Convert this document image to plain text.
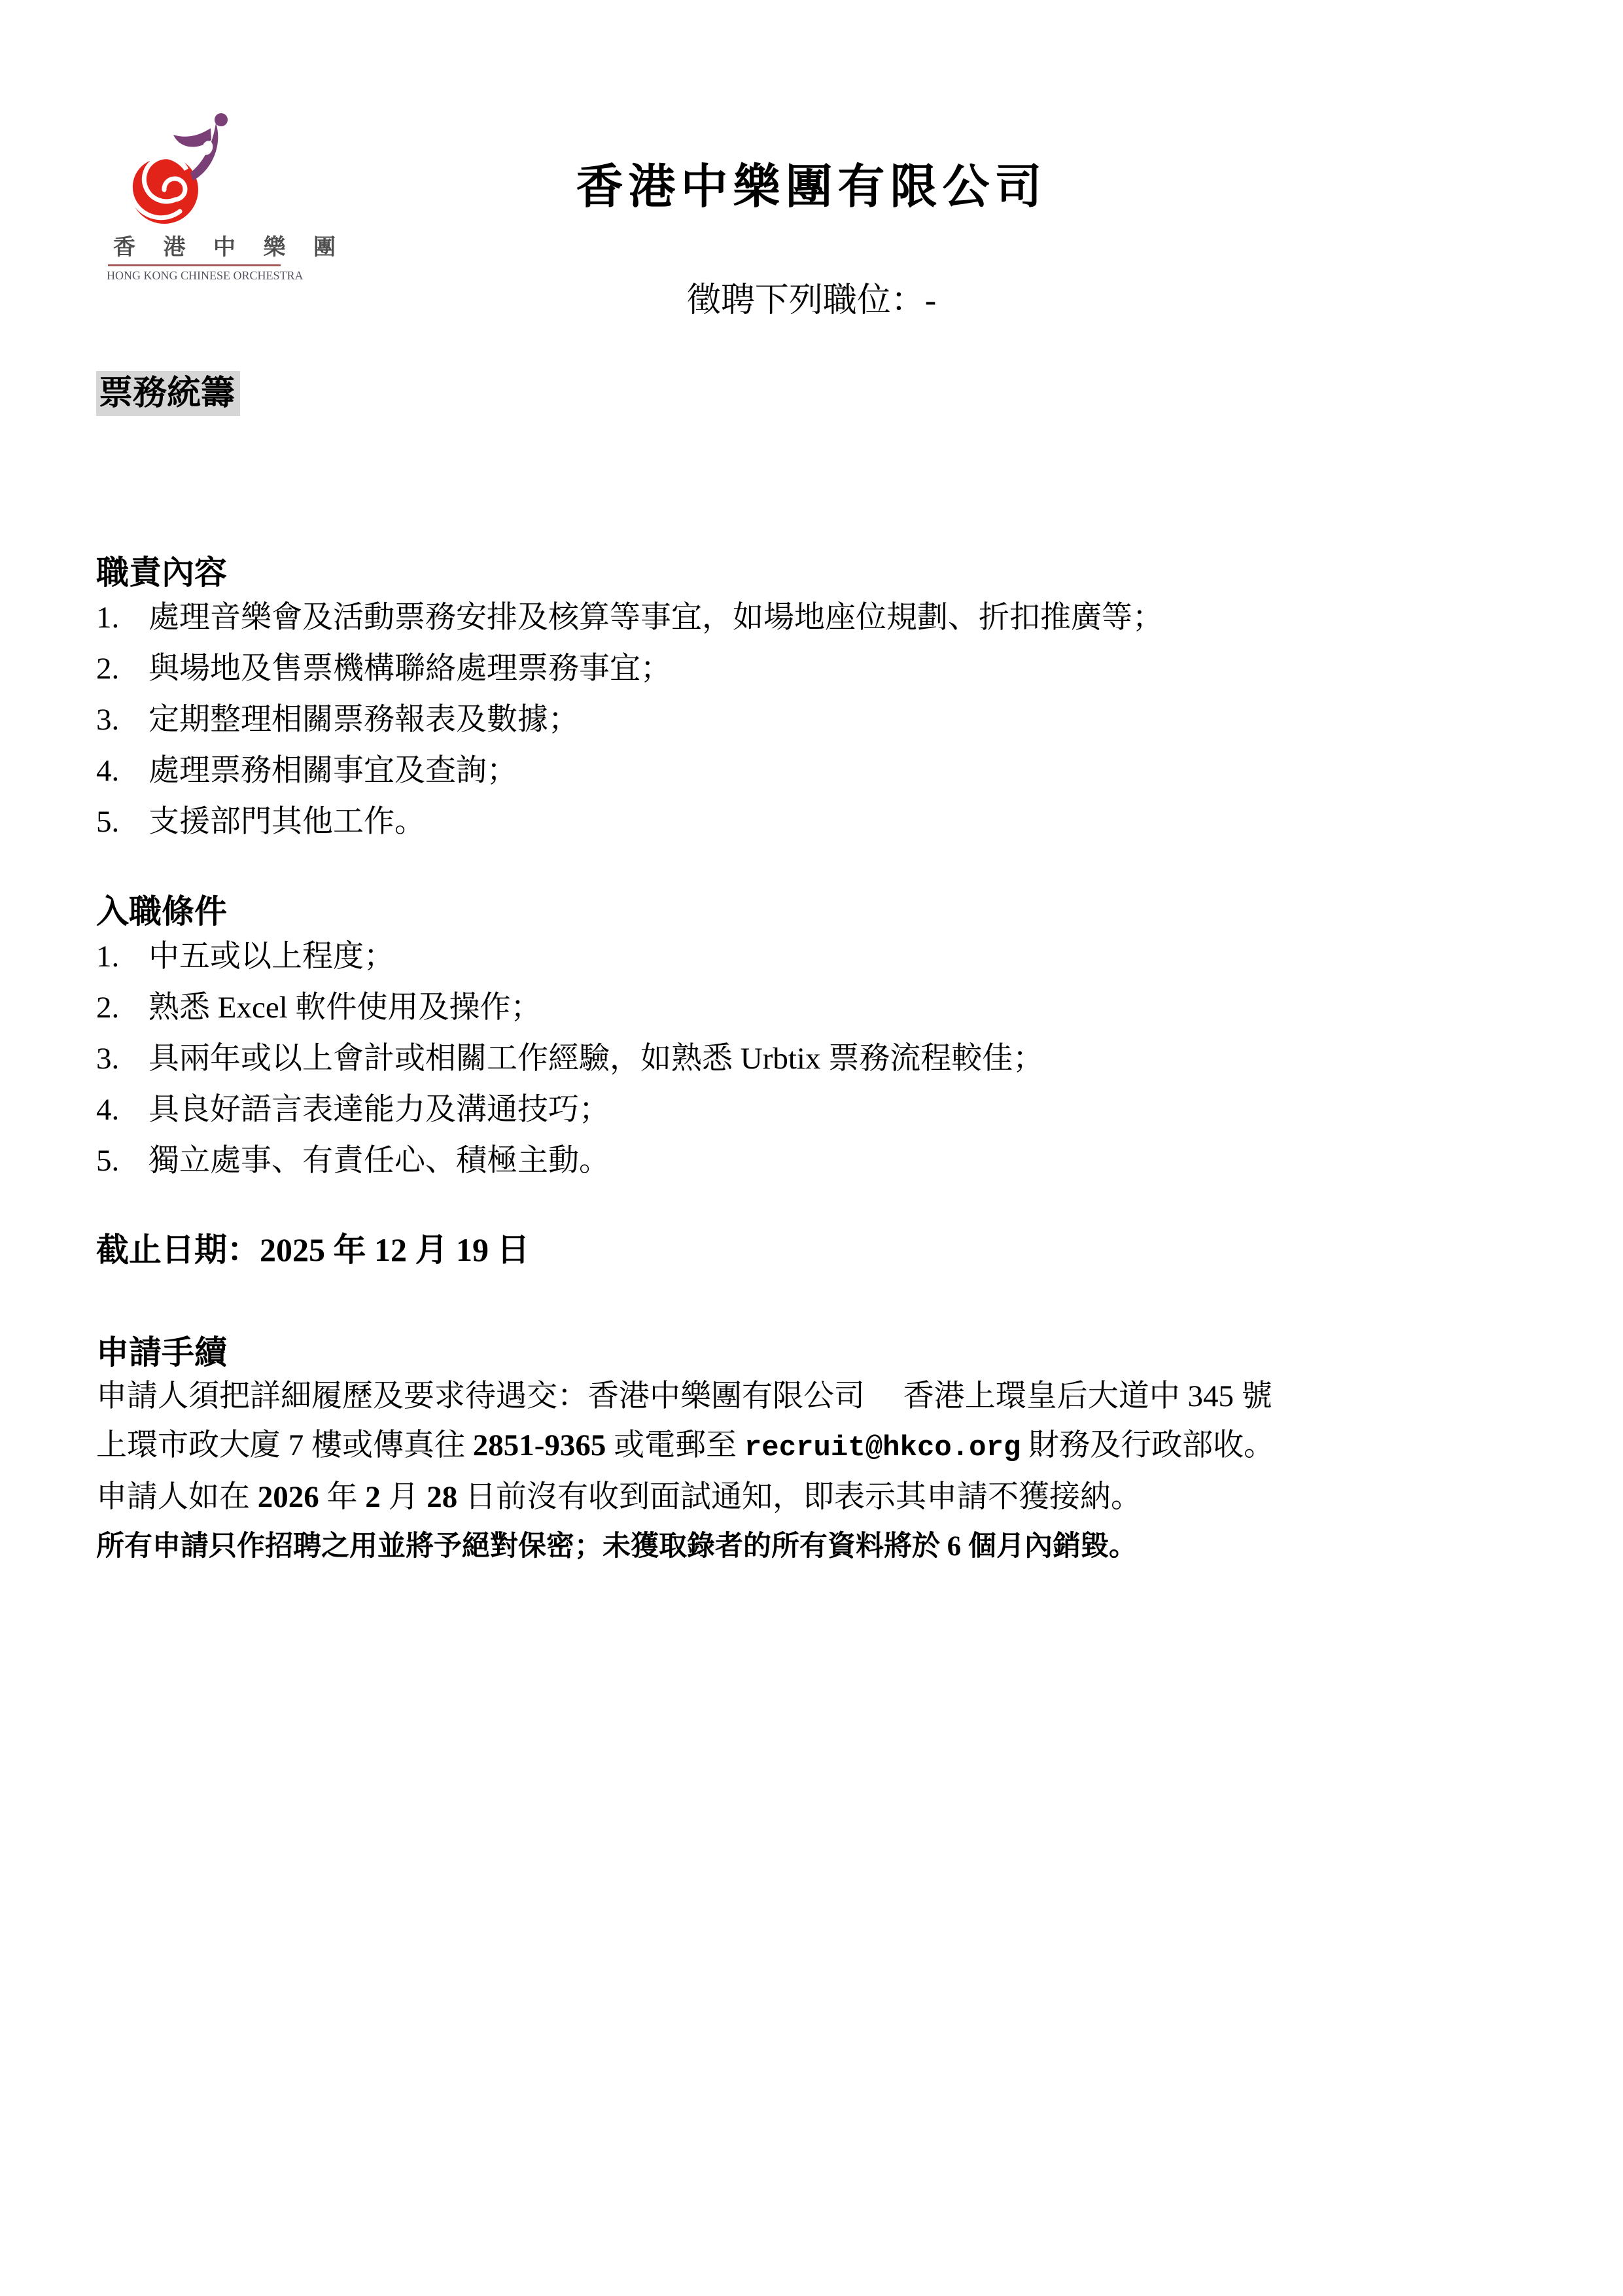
香 港 中 樂 團
HONG KONG CHINESE ORCHESTRA
香港中樂團有限公司
徵聘下列職位：-
票務統籌
職責內容
1. 處理音樂會及活動票務安排及核算等事宜，如場地座位規劃、折扣推廣等；
2. 與場地及售票機構聯絡處理票務事宜；
3. 定期整理相關票務報表及數據；
4. 處理票務相關事宜及查詢；
5. 支援部門其他工作。
入職條件
1. 中五或以上程度；
2. 熟悉 Excel 軟件使用及操作；
3. 具兩年或以上會計或相關工作經驗，如熟悉 Urbtix 票務流程較佳；
4. 具良好語言表達能力及溝通技巧；
5. 獨立處事、有責任心、積極主動。
截止日期：2025 年 12 月 19 日
申請手續
申請人須把詳細履歷及要求待遇交：香港中樂團有限公司　 香港上環皇后大道中 345 號
上環市政大廈 7 樓或傳真往 2851-9365 或電郵至 recruit@hkco.org 財務及行政部收。
申請人如在 2026 年 2 月 28 日前沒有收到面試通知，即表示其申請不獲接納。
所有申請只作招聘之用並將予絕對保密；未獲取錄者的所有資料將於 6 個月內銷毀。
